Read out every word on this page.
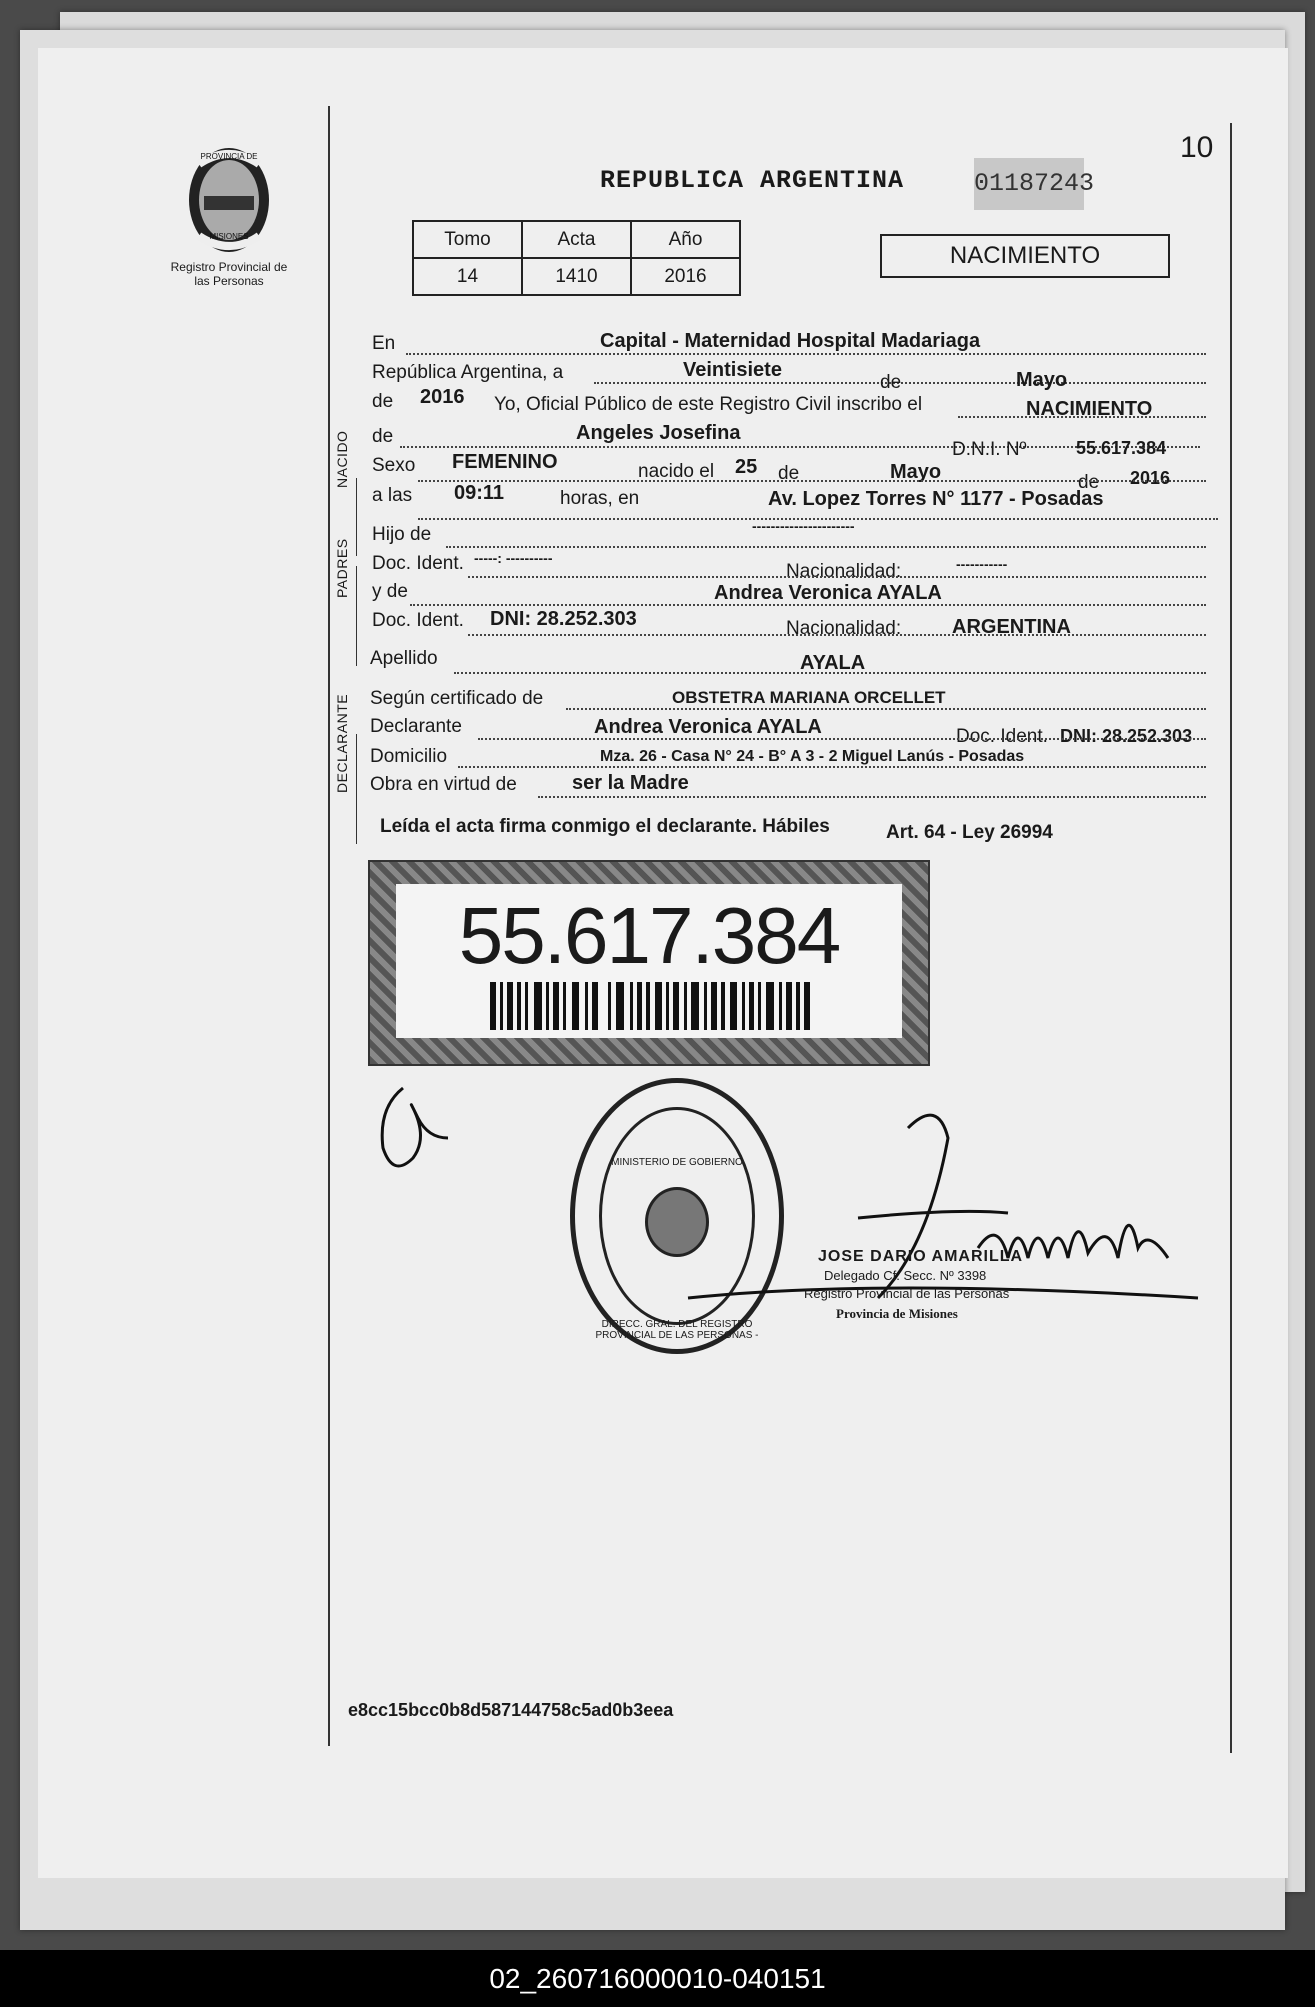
PROVINCIA DE
MISIONES
Registro Provincial de las Personas
10
REPUBLICA ARGENTINA	01187243
NACIMIENTO
Tomo	Acta	Año
14	1410	2016
NACIDO
PADRES
DECLARANTE
En	Capital - Maternidad Hospital Madariaga
República Argentina, a	Veintisiete
de	Mayo
de 2016 Yo, Oficial Público de este Registro Civil inscribo el	NACIMIENTO
de	Angeles Josefina
D.N.I. Nº	55.617.384
Sexo FEMENINO	nacido el 25 de	Mayo	de 2016
a las 09:11	horas, en	Av. Lopez Torres N° 1177 - Posadas
Hijo de	----------------------
Doc. Ident. -----: ----------
Nacionalidad:	-----------
y de	Andrea Veronica AYALA
Doc. Ident. DNI: 28.252.303	Nacionalidad:	ARGENTINA
Apellido	AYALA
Según certificado de	OBSTETRA MARIANA ORCELLET
Declarante	Andrea Veronica AYALA	Doc. Ident. DNI: 28.252.303
Domicilio	Mza. 26 - Casa N° 24 - B° A 3 - 2 Miguel Lanús - Posadas
Obra en virtud de	ser la Madre
Leída el acta firma conmigo el declarante. Hábiles	Art. 64 - Ley 26994
55.617.384
DIRECC. GRAL. DEL REGISTRO PROVINCIAL DE LAS PERSONAS -
MINISTERIO DE GOBIERNO
JOSE DARIO AMARILLA
Delegado Cf. Secc. Nº 3398
Registro Provincial de las Personas
Provincia de Misiones
e8cc15bcc0b8d587144758c5ad0b3eea
02_260716000010-040151
